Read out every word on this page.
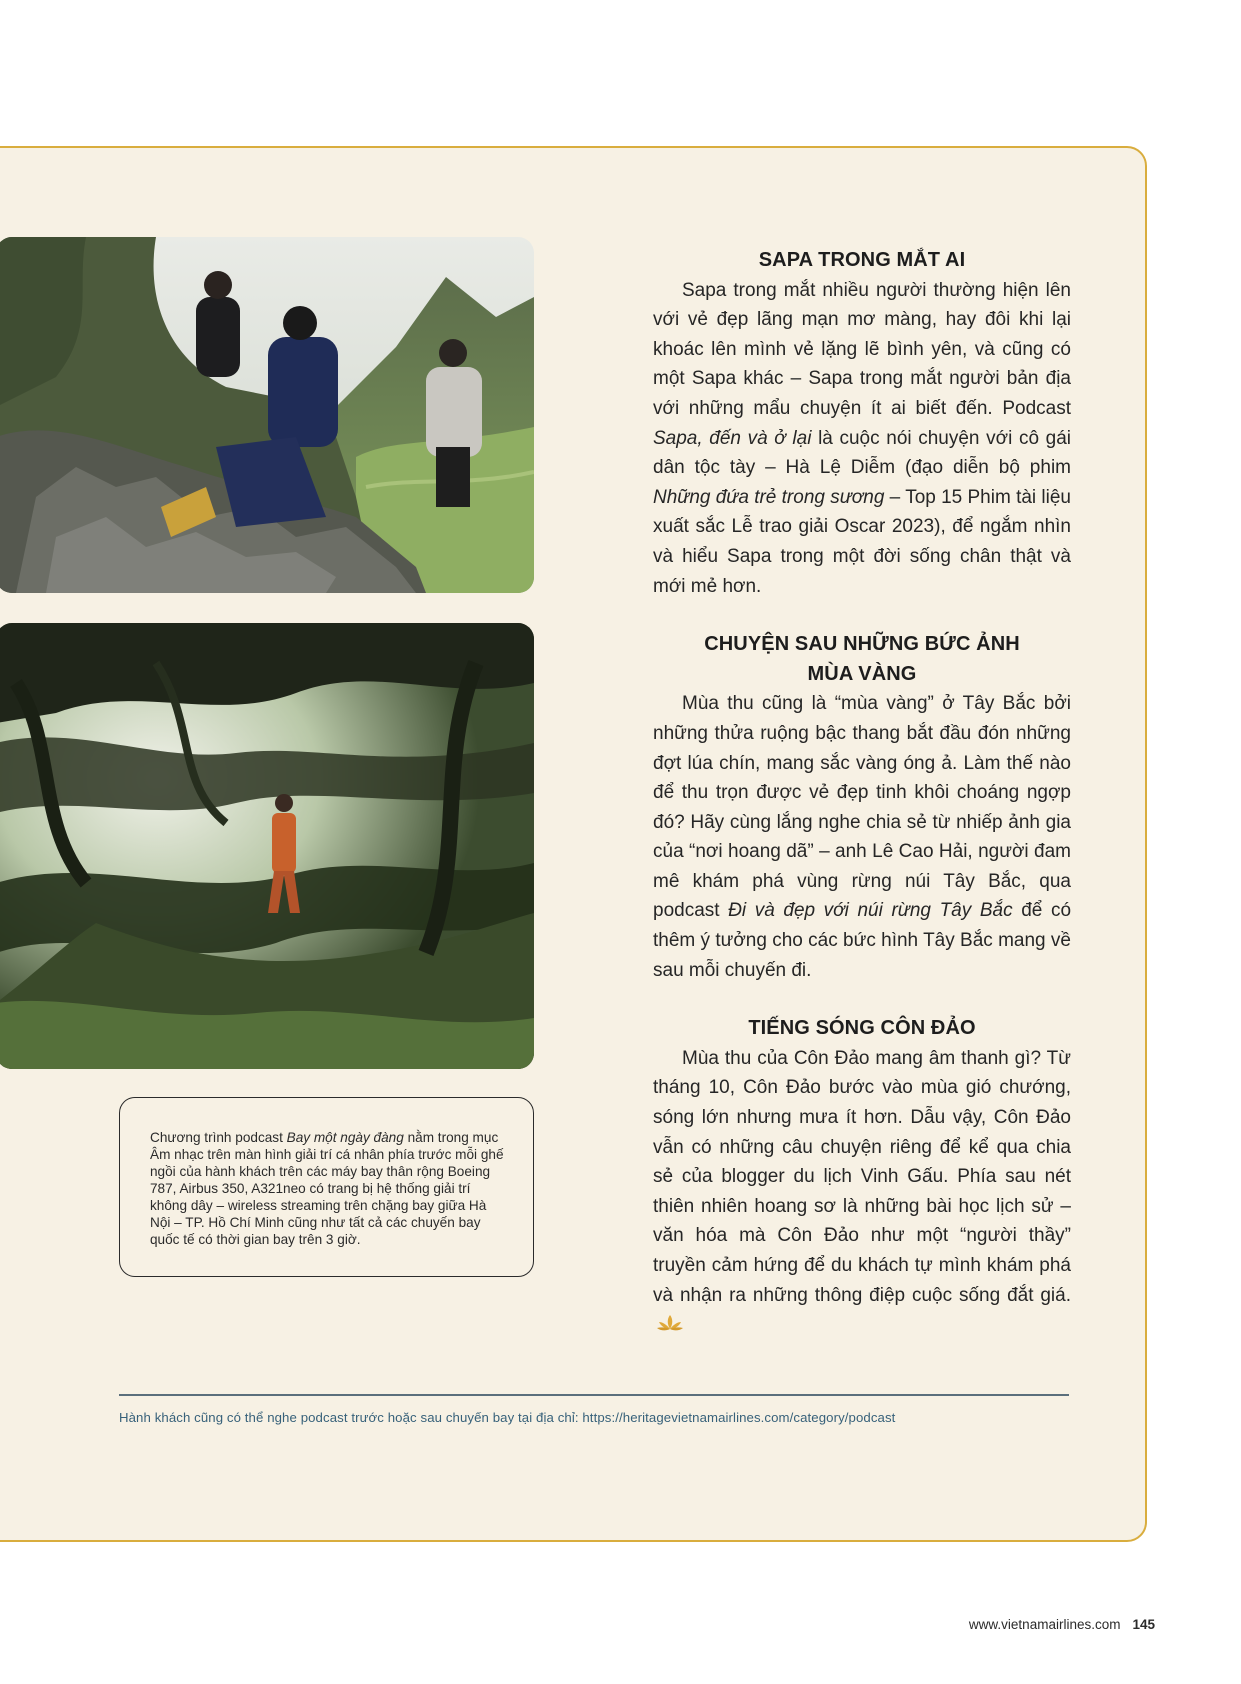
Chương trình podcast Bay một ngày đàng nằm trong mục Âm nhạc trên màn hình giải trí cá nhân phía trước mỗi ghế ngồi của hành khách trên các máy bay thân rộng Boeing 787, Airbus 350, A321neo có trang bị hệ thống giải trí không dây – wireless streaming trên chặng bay giữa Hà Nội – TP. Hồ Chí Minh cũng như tất cả các chuyến bay quốc tế có thời gian bay trên 3 giờ.

SAPA TRONG MẮT AI

Sapa trong mắt nhiều người thường hiện lên với vẻ đẹp lãng mạn mơ màng, hay đôi khi lại khoác lên mình vẻ lặng lẽ bình yên, và cũng có một Sapa khác – Sapa trong mắt người bản địa với những mẩu chuyện ít ai biết đến. Podcast Sapa, đến và ở lại là cuộc nói chuyện với cô gái dân tộc tày – Hà Lệ Diễm (đạo diễn bộ phim Những đứa trẻ trong sương – Top 15 Phim tài liệu xuất sắc Lễ trao giải Oscar 2023), để ngắm nhìn và hiểu Sapa trong một đời sống chân thật và mới mẻ hơn.

CHUYỆN SAU NHỮNG BỨC ẢNH
MÙA VÀNG

Mùa thu cũng là “mùa vàng” ở Tây Bắc bởi những thửa ruộng bậc thang bắt đầu đón những đợt lúa chín, mang sắc vàng óng ả. Làm thế nào để thu trọn được vẻ đẹp tinh khôi choáng ngợp đó? Hãy cùng lắng nghe chia sẻ từ nhiếp ảnh gia của “nơi hoang dã” – anh Lê Cao Hải, người đam mê khám phá vùng rừng núi Tây Bắc, qua podcast Đi và đẹp với núi rừng Tây Bắc để có thêm ý tưởng cho các bức hình Tây Bắc mang về sau mỗi chuyến đi.

TIẾNG SÓNG CÔN ĐẢO

Mùa thu của Côn Đảo mang âm thanh gì? Từ tháng 10, Côn Đảo bước vào mùa gió chướng, sóng lớn nhưng mưa ít hơn. Dẫu vậy, Côn Đảo vẫn có những câu chuyện riêng để kể qua chia sẻ của blogger du lịch Vinh Gấu. Phía sau nét thiên nhiên hoang sơ là những bài học lịch sử – văn hóa mà Côn Đảo như một “người thầy” truyền cảm hứng để du khách tự mình khám phá và nhận ra những thông điệp cuộc sống đắt giá.

Hành khách cũng có thể nghe podcast trước hoặc sau chuyến bay tại địa chỉ: https://heritagevietnamairlines.com/category/podcast
www.vietnamairlines.com 145
